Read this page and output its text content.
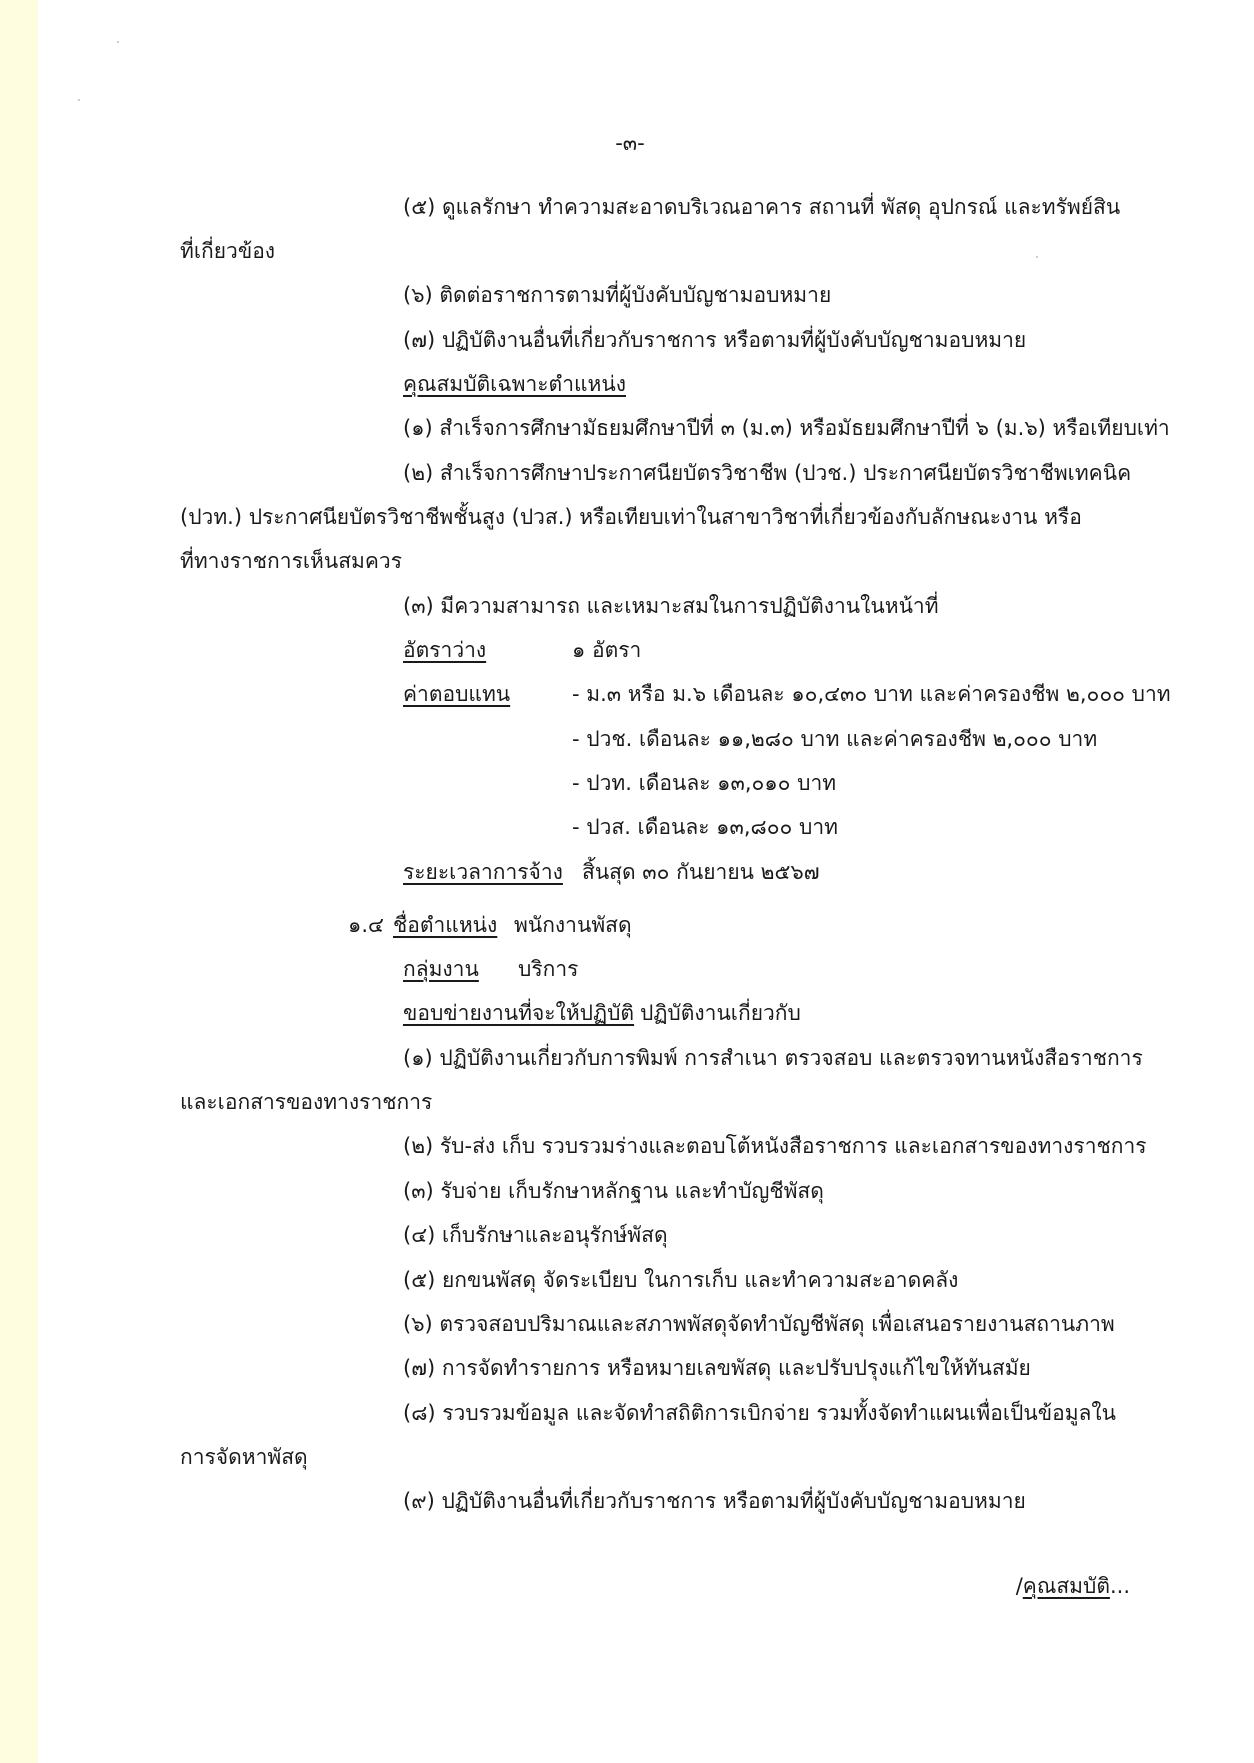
-๓-
(๕) ดูแลรักษา ทำความสะอาดบริเวณอาคาร สถานที่ พัสดุ อุปกรณ์ และทรัพย์สิน
ที่เกี่ยวข้อง
(๖) ติดต่อราชการตามที่ผู้บังคับบัญชามอบหมาย
(๗) ปฏิบัติงานอื่นที่เกี่ยวกับราชการ หรือตามที่ผู้บังคับบัญชามอบหมาย
คุณสมบัติเฉพาะตำแหน่ง
(๑) สำเร็จการศึกษามัธยมศึกษาปีที่ ๓ (ม.๓) หรือมัธยมศึกษาปีที่ ๖ (ม.๖) หรือเทียบเท่า
(๒) สำเร็จการศึกษาประกาศนียบัตรวิชาชีพ (ปวช.) ประกาศนียบัตรวิชาชีพเทคนิค
(ปวท.) ประกาศนียบัตรวิชาชีพชั้นสูง (ปวส.) หรือเทียบเท่าในสาขาวิชาที่เกี่ยวข้องกับลักษณะงาน หรือ
ที่ทางราชการเห็นสมควร
(๓) มีความสามารถ และเหมาะสมในการปฏิบัติงานในหน้าที่
อัตราว่าง	๑ อัตรา
ค่าตอบแทน	- ม.๓ หรือ ม.๖ เดือนละ ๑๐,๔๓๐ บาท และค่าครองชีพ ๒,๐๐๐ บาท
- ปวช. เดือนละ ๑๑,๒๘๐ บาท และค่าครองชีพ ๒,๐๐๐ บาท
- ปวท. เดือนละ ๑๓,๐๑๐ บาท
- ปวส. เดือนละ ๑๓,๘๐๐ บาท
ระยะเวลาการจ้าง สิ้นสุด ๓๐ กันยายน ๒๕๖๗
๑.๔ ชื่อตำแหน่ง พนักงานพัสดุ
กลุ่มงาน บริการ
ขอบข่ายงานที่จะให้ปฏิบัติ ปฏิบัติงานเกี่ยวกับ
(๑) ปฏิบัติงานเกี่ยวกับการพิมพ์ การสำเนา ตรวจสอบ และตรวจทานหนังสือราชการ
และเอกสารของทางราชการ
(๒) รับ-ส่ง เก็บ รวบรวมร่างและตอบโต้หนังสือราชการ และเอกสารของทางราชการ
(๓) รับจ่าย เก็บรักษาหลักฐาน และทำบัญชีพัสดุ
(๔) เก็บรักษาและอนุรักษ์พัสดุ
(๕) ยกขนพัสดุ จัดระเบียบ ในการเก็บ และทำความสะอาดคลัง
(๖) ตรวจสอบปริมาณและสภาพพัสดุจัดทำบัญชีพัสดุ เพื่อเสนอรายงานสถานภาพ
(๗) การจัดทำรายการ หรือหมายเลขพัสดุ และปรับปรุงแก้ไขให้ทันสมัย
(๘) รวบรวมข้อมูล และจัดทำสถิติการเบิกจ่าย รวมทั้งจัดทำแผนเพื่อเป็นข้อมูลใน
การจัดหาพัสดุ
(๙) ปฏิบัติงานอื่นที่เกี่ยวกับราชการ หรือตามที่ผู้บังคับบัญชามอบหมาย
/คุณสมบัติ...
